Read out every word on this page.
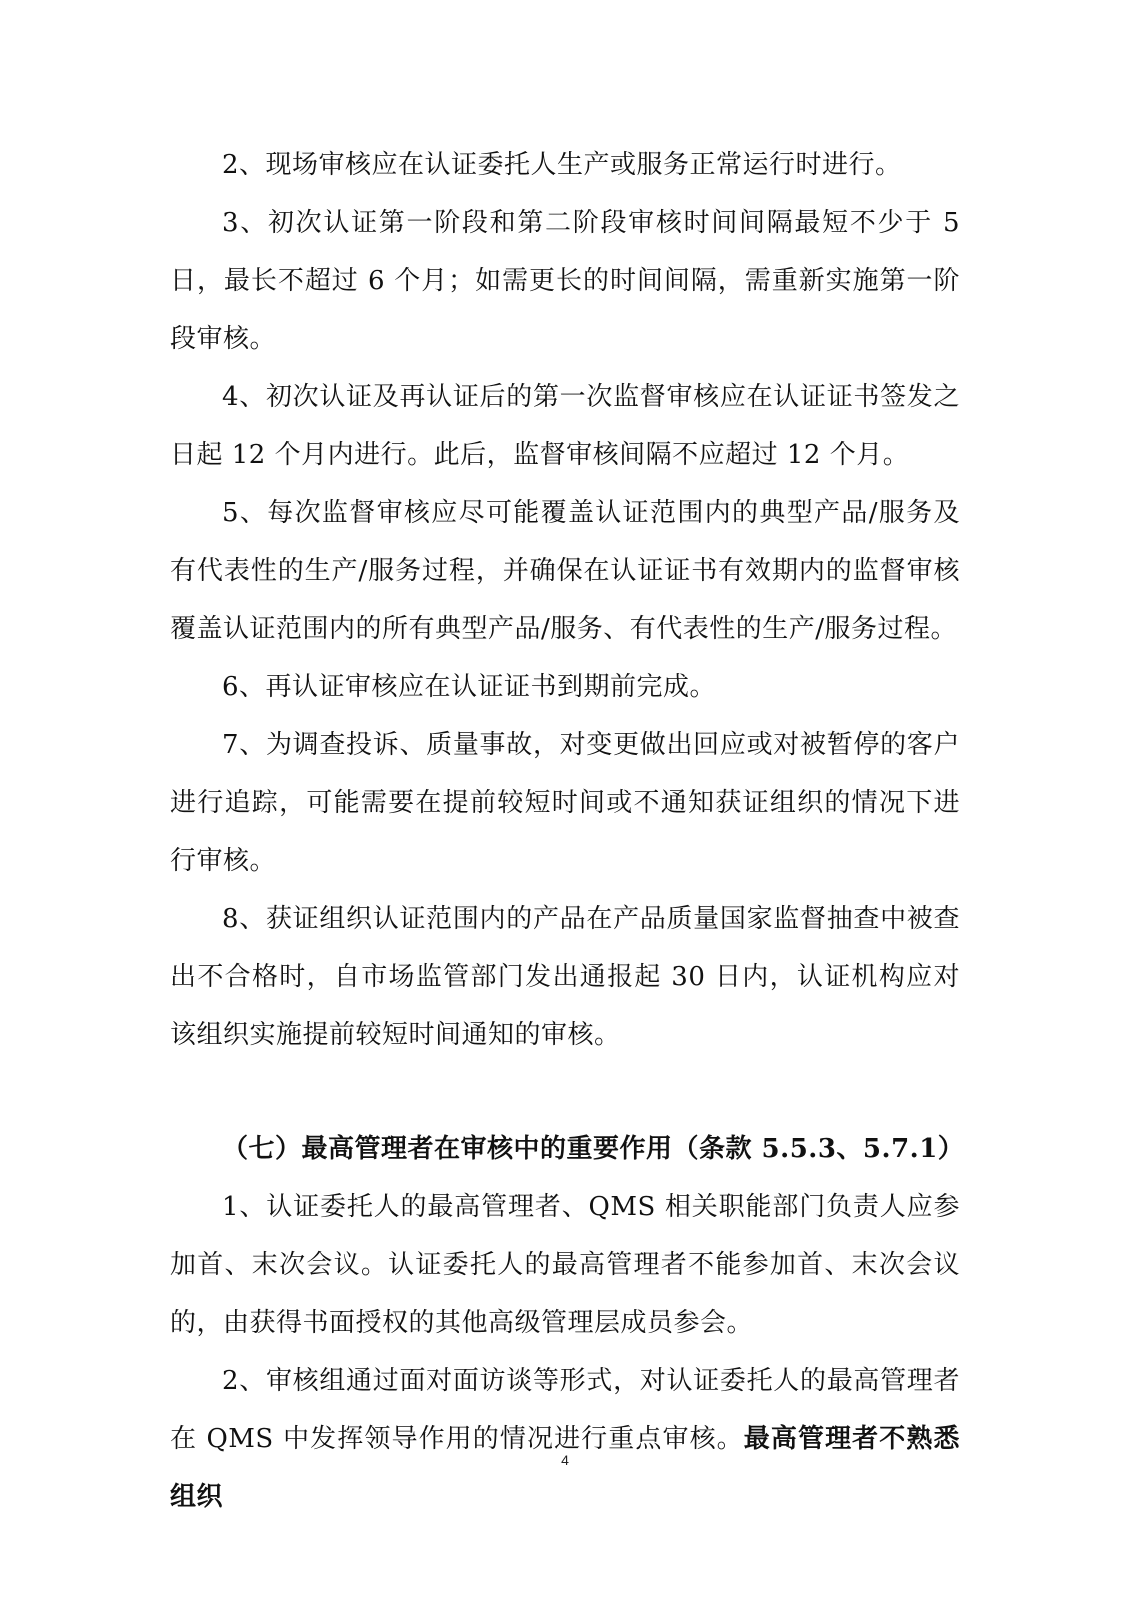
2、现场审核应在认证委托人生产或服务正常运行时进行。

3、初次认证第一阶段和第二阶段审核时间间隔最短不少于 5 日，最长不超过 6 个月；如需更长的时间间隔，需重新实施第一阶段审核。

4、初次认证及再认证后的第一次监督审核应在认证证书签发之日起 12 个月内进行。此后，监督审核间隔不应超过 12 个月。

5、每次监督审核应尽可能覆盖认证范围内的典型产品/服务及有代表性的生产/服务过程，并确保在认证证书有效期内的监督审核覆盖认证范围内的所有典型产品/服务、有代表性的生产/服务过程。

6、再认证审核应在认证证书到期前完成。

7、为调查投诉、质量事故，对变更做出回应或对被暂停的客户进行追踪，可能需要在提前较短时间或不通知获证组织的情况下进行审核。

8、获证组织认证范围内的产品在产品质量国家监督抽查中被查出不合格时，自市场监管部门发出通报起 30 日内，认证机构应对该组织实施提前较短时间通知的审核。

（七）最高管理者在审核中的重要作用（条款 5.5.3、5.7.1）

1、认证委托人的最高管理者、QMS 相关职能部门负责人应参加首、末次会议。认证委托人的最高管理者不能参加首、末次会议的，由获得书面授权的其他高级管理层成员参会。

2、审核组通过面对面访谈等形式，对认证委托人的最高管理者在 QMS 中发挥领导作用的情况进行重点审核。最高管理者不熟悉组织

4
